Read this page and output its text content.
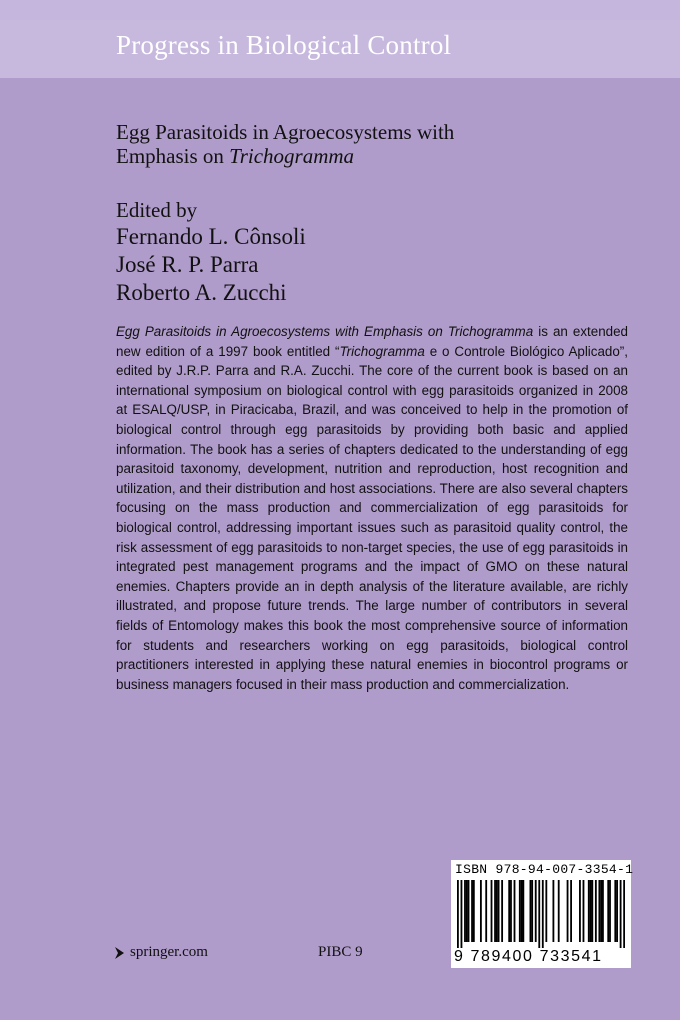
Progress in Biological Control
Egg Parasitoids in Agroecosystems with
Emphasis on Trichogramma
Edited by
Fernando L. Cônsoli
José R. P. Parra
Roberto A. Zucchi
Egg Parasitoids in Agroecosystems with Emphasis on Trichogramma is an extended new edition of a 1997 book entitled “Trichogramma e o Controle Biológico Aplicado”, edited by J.R.P. Parra and R.A. Zucchi. The core of the current book is based on an international symposium on biological control with egg parasitoids organized in 2008 at ESALQ/USP, in Piracicaba, Brazil, and was conceived to help in the promotion of biological control through egg parasitoids by providing both basic and applied information. The book has a series of chapters dedicated to the understanding of egg parasitoid taxonomy, development, nutrition and reproduction, host recognition and utilization, and their distribution and host associations. There are also several chapters focusing on the mass production and commercialization of egg parasitoids for biological control, addressing important issues such as parasitoid quality control, the risk assessment of egg parasitoids to non-target species, the use of egg parasitoids in integrated pest management programs and the impact of GMO on these natural enemies. Chapters provide an in depth analysis of the literature available, are richly illustrated, and propose future trends. The large number of contributors in several fields of Entomology makes this book the most comprehensive source of information for students and researchers working on egg parasitoids, biological control practitioners interested in applying these natural enemies in biocontrol programs or business managers focused in their mass production and commercialization.
springer.com	PIBC 9
ISBN 978-94-007-3354-1
9 789400 733541
